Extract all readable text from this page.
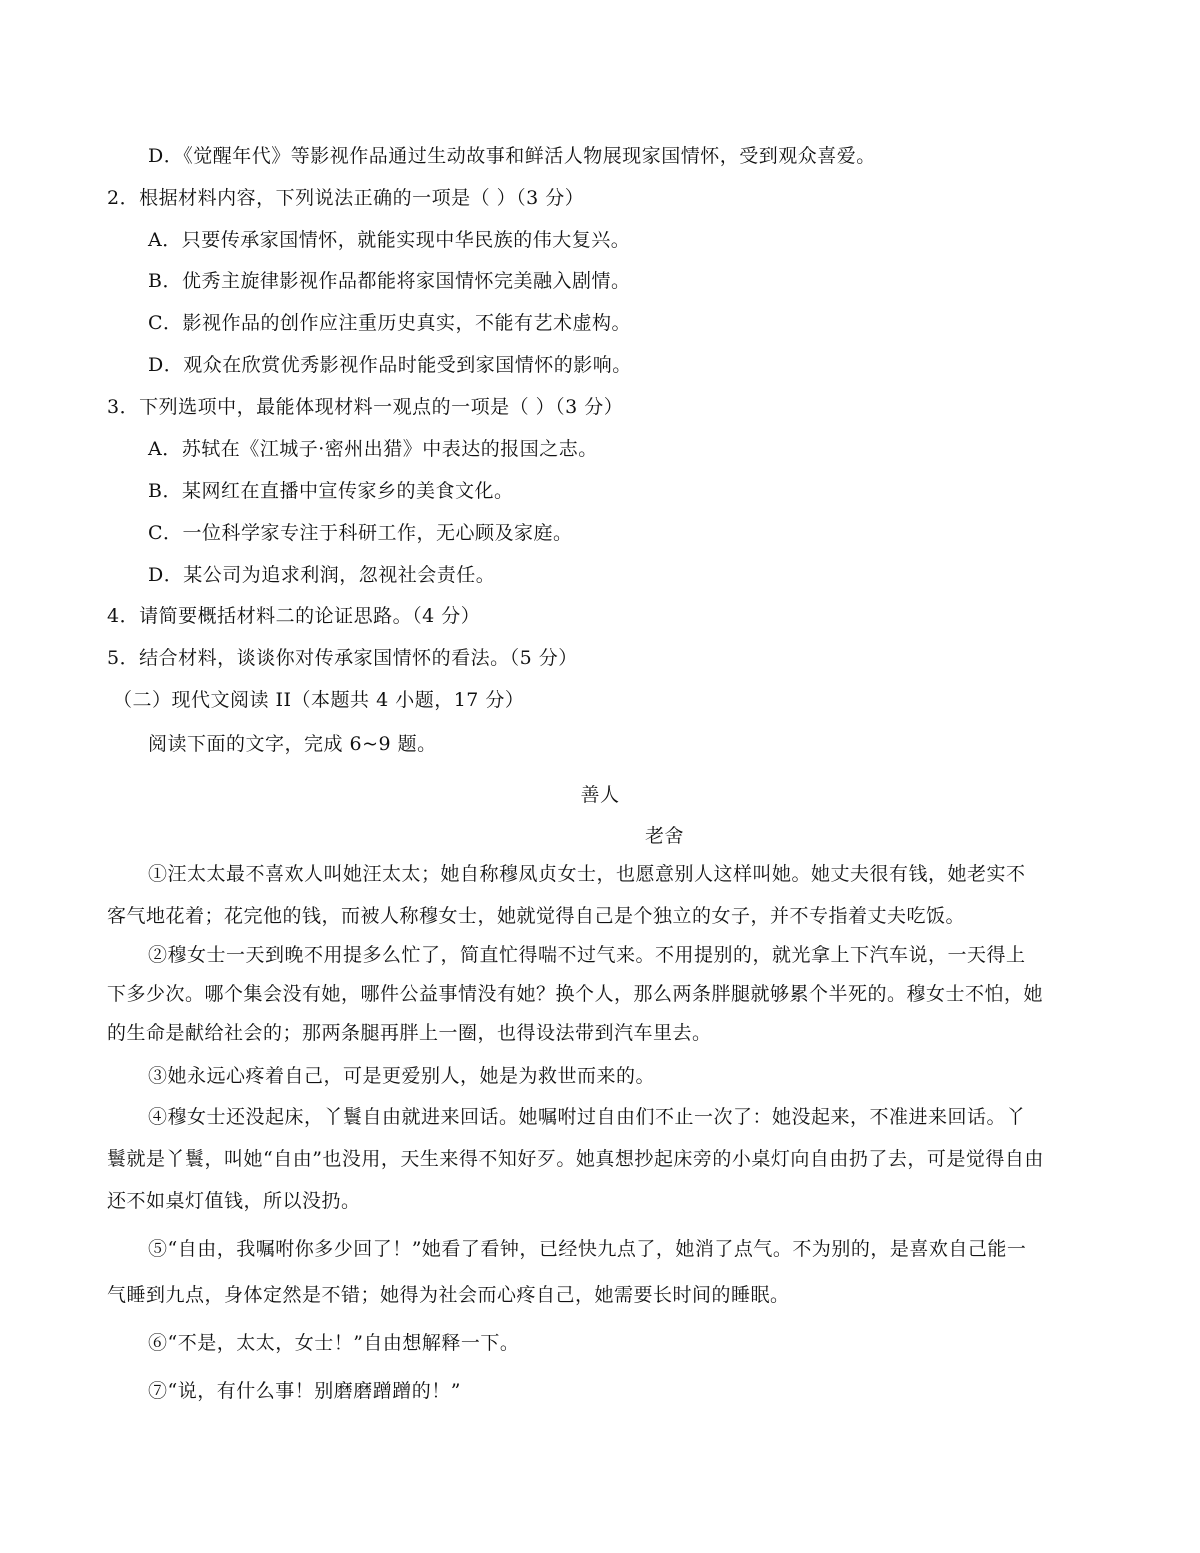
D．《觉醒年代》等影视作品通过生动故事和鲜活人物展现家国情怀，受到观众喜爱。
2．根据材料内容，下列说法正确的一项是（ ）（3 分）
A．只要传承家国情怀，就能实现中华民族的伟大复兴。
B．优秀主旋律影视作品都能将家国情怀完美融入剧情。
C．影视作品的创作应注重历史真实，不能有艺术虚构。
D．观众在欣赏优秀影视作品时能受到家国情怀的影响。
3．下列选项中，最能体现材料一观点的一项是（ ）（3 分）
A．苏轼在《江城子·密州出猎》中表达的报国之志。
B．某网红在直播中宣传家乡的美食文化。
C．一位科学家专注于科研工作，无心顾及家庭。
D．某公司为追求利润，忽视社会责任。
4．请简要概括材料二的论证思路。（4 分）
5．结合材料，谈谈你对传承家国情怀的看法。（5 分）
（二）现代文阅读 II（本题共 4 小题，17 分）
阅读下面的文字，完成 6~9 题。
善人
老舍
①汪太太最不喜欢人叫她汪太太；她自称穆凤贞女士，也愿意别人这样叫她。她丈夫很有钱，她老实不
客气地花着；花完他的钱，而被人称穆女士，她就觉得自己是个独立的女子，并不专指着丈夫吃饭。
②穆女士一天到晚不用提多么忙了，简直忙得喘不过气来。不用提别的，就光拿上下汽车说，一天得上
下多少次。哪个集会没有她，哪件公益事情没有她？换个人，那么两条胖腿就够累个半死的。穆女士不怕，她
的生命是献给社会的；那两条腿再胖上一圈，也得设法带到汽车里去。
③她永远心疼着自己，可是更爱别人，她是为救世而来的。
④穆女士还没起床，丫鬟自由就进来回话。她嘱咐过自由们不止一次了：她没起来，不准进来回话。丫
鬟就是丫鬟，叫她“自由”也没用，天生来得不知好歹。她真想抄起床旁的小桌灯向自由扔了去，可是觉得自由
还不如桌灯值钱，所以没扔。
⑤“自由，我嘱咐你多少回了！”她看了看钟，已经快九点了，她消了点气。不为别的，是喜欢自己能一
气睡到九点，身体定然是不错；她得为社会而心疼自己，她需要长时间的睡眠。
⑥“不是，太太，女士！”自由想解释一下。
⑦“说，有什么事！别磨磨蹭蹭的！”
